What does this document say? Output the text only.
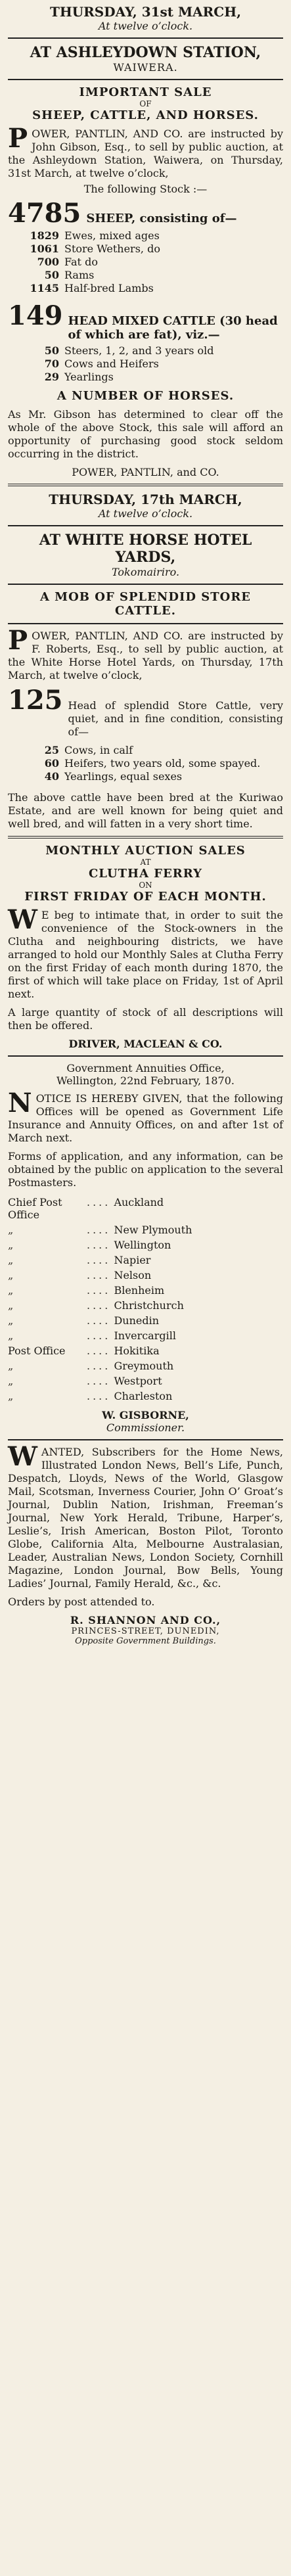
THURSDAY, 31st MARCH,
At twelve o’clock.
AT ASHLEYDOWN STATION,
WAIWERA.
IMPORTANT SALE
OF
SHEEP, CATTLE, AND HORSES.
P OWER, PANTLIN, AND CO. are instructed by John Gibson, Esq., to sell by public auction, at the Ashleydown Station, Waiwera, on Thursday, 31st March, at twelve o’clock,
The following Stock :—
4785 SHEEP, consisting of—
1829 Ewes, mixed ages
1061 Store Wethers, do
700 Fat do
50 Rams
1145 Half-bred Lambs
149 HEAD MIXED CATTLE (30 head of which are fat), viz.—
50 Steers, 1, 2, and 3 years old
70 Cows and Heifers
29 Yearlings
A NUMBER OF HORSES.
As Mr. Gibson has determined to clear off the whole of the above Stock, this sale will afford an opportunity of purchasing good stock seldom occurring in the district.
POWER, PANTLIN, and CO.
THURSDAY, 17th MARCH,
At twelve o’clock.
AT WHITE HORSE HOTEL YARDS,
Tokomairiro.
A MOB OF SPLENDID STORE CATTLE.
P OWER, PANTLIN, AND CO. are instructed by F. Roberts, Esq., to sell by public auction, at the White Horse Hotel Yards, on Thursday, 17th March, at twelve o’clock,
125 Head of splendid Store Cattle, very quiet, and in fine condition, consisting of—
25 Cows, in calf
60 Heifers, two years old, some spayed.
40 Yearlings, equal sexes
The above cattle have been bred at the Kuriwao Estate, and are well known for being quiet and well bred, and will fatten in a very short time.
MONTHLY AUCTION SALES
AT
CLUTHA FERRY
ON
FIRST FRIDAY OF EACH MONTH.
W E beg to intimate that, in order to suit the convenience of the Stock-owners in the Clutha and neighbouring districts, we have arranged to hold our Monthly Sales at Clutha Ferry on the first Friday of each month during 1870, the first of which will take place on Friday, 1st of April next.
A large quantity of stock of all descriptions will then be offered.
DRIVER, MACLEAN & CO.
Government Annuities Office,
Wellington, 22nd February, 1870.
N OTICE IS HEREBY GIVEN, that the following Offices will be opened as Government Life Insurance and Annuity Offices, on and after 1st of March next.
Forms of application, and any information, can be obtained by the public on application to the several Postmasters.
Chief Post Office	.... Auckland
„	.... New Plymouth
„	.... Wellington
„	.... Napier
„	.... Nelson
„	.... Blenheim
„	.... Christchurch
„	.... Dunedin
„	.... Invercargill
Post Office	.... Hokitika
„	.... Greymouth
„	.... Westport
„	.... Charleston
W. GISBORNE,
Commissioner.
W ANTED, Subscribers for the Home News, Illustrated London News, Bell’s Life, Punch, Despatch, Lloyds, News of the World, Glasgow Mail, Scotsman, Inverness Courier, John O’ Groat’s Journal, Dublin Nation, Irishman, Freeman’s Journal, New York Herald, Tribune, Harper’s, Leslie’s, Irish American, Boston Pilot, Toronto Globe, California Alta, Melbourne Australasian, Leader, Australian News, London Society, Cornhill Magazine, London Journal, Bow Bells, Young Ladies’ Journal, Family Herald, &c., &c.
Orders by post attended to.
R. SHANNON AND CO.,
PRINCES-STREET, DUNEDIN,
Opposite Government Buildings.
